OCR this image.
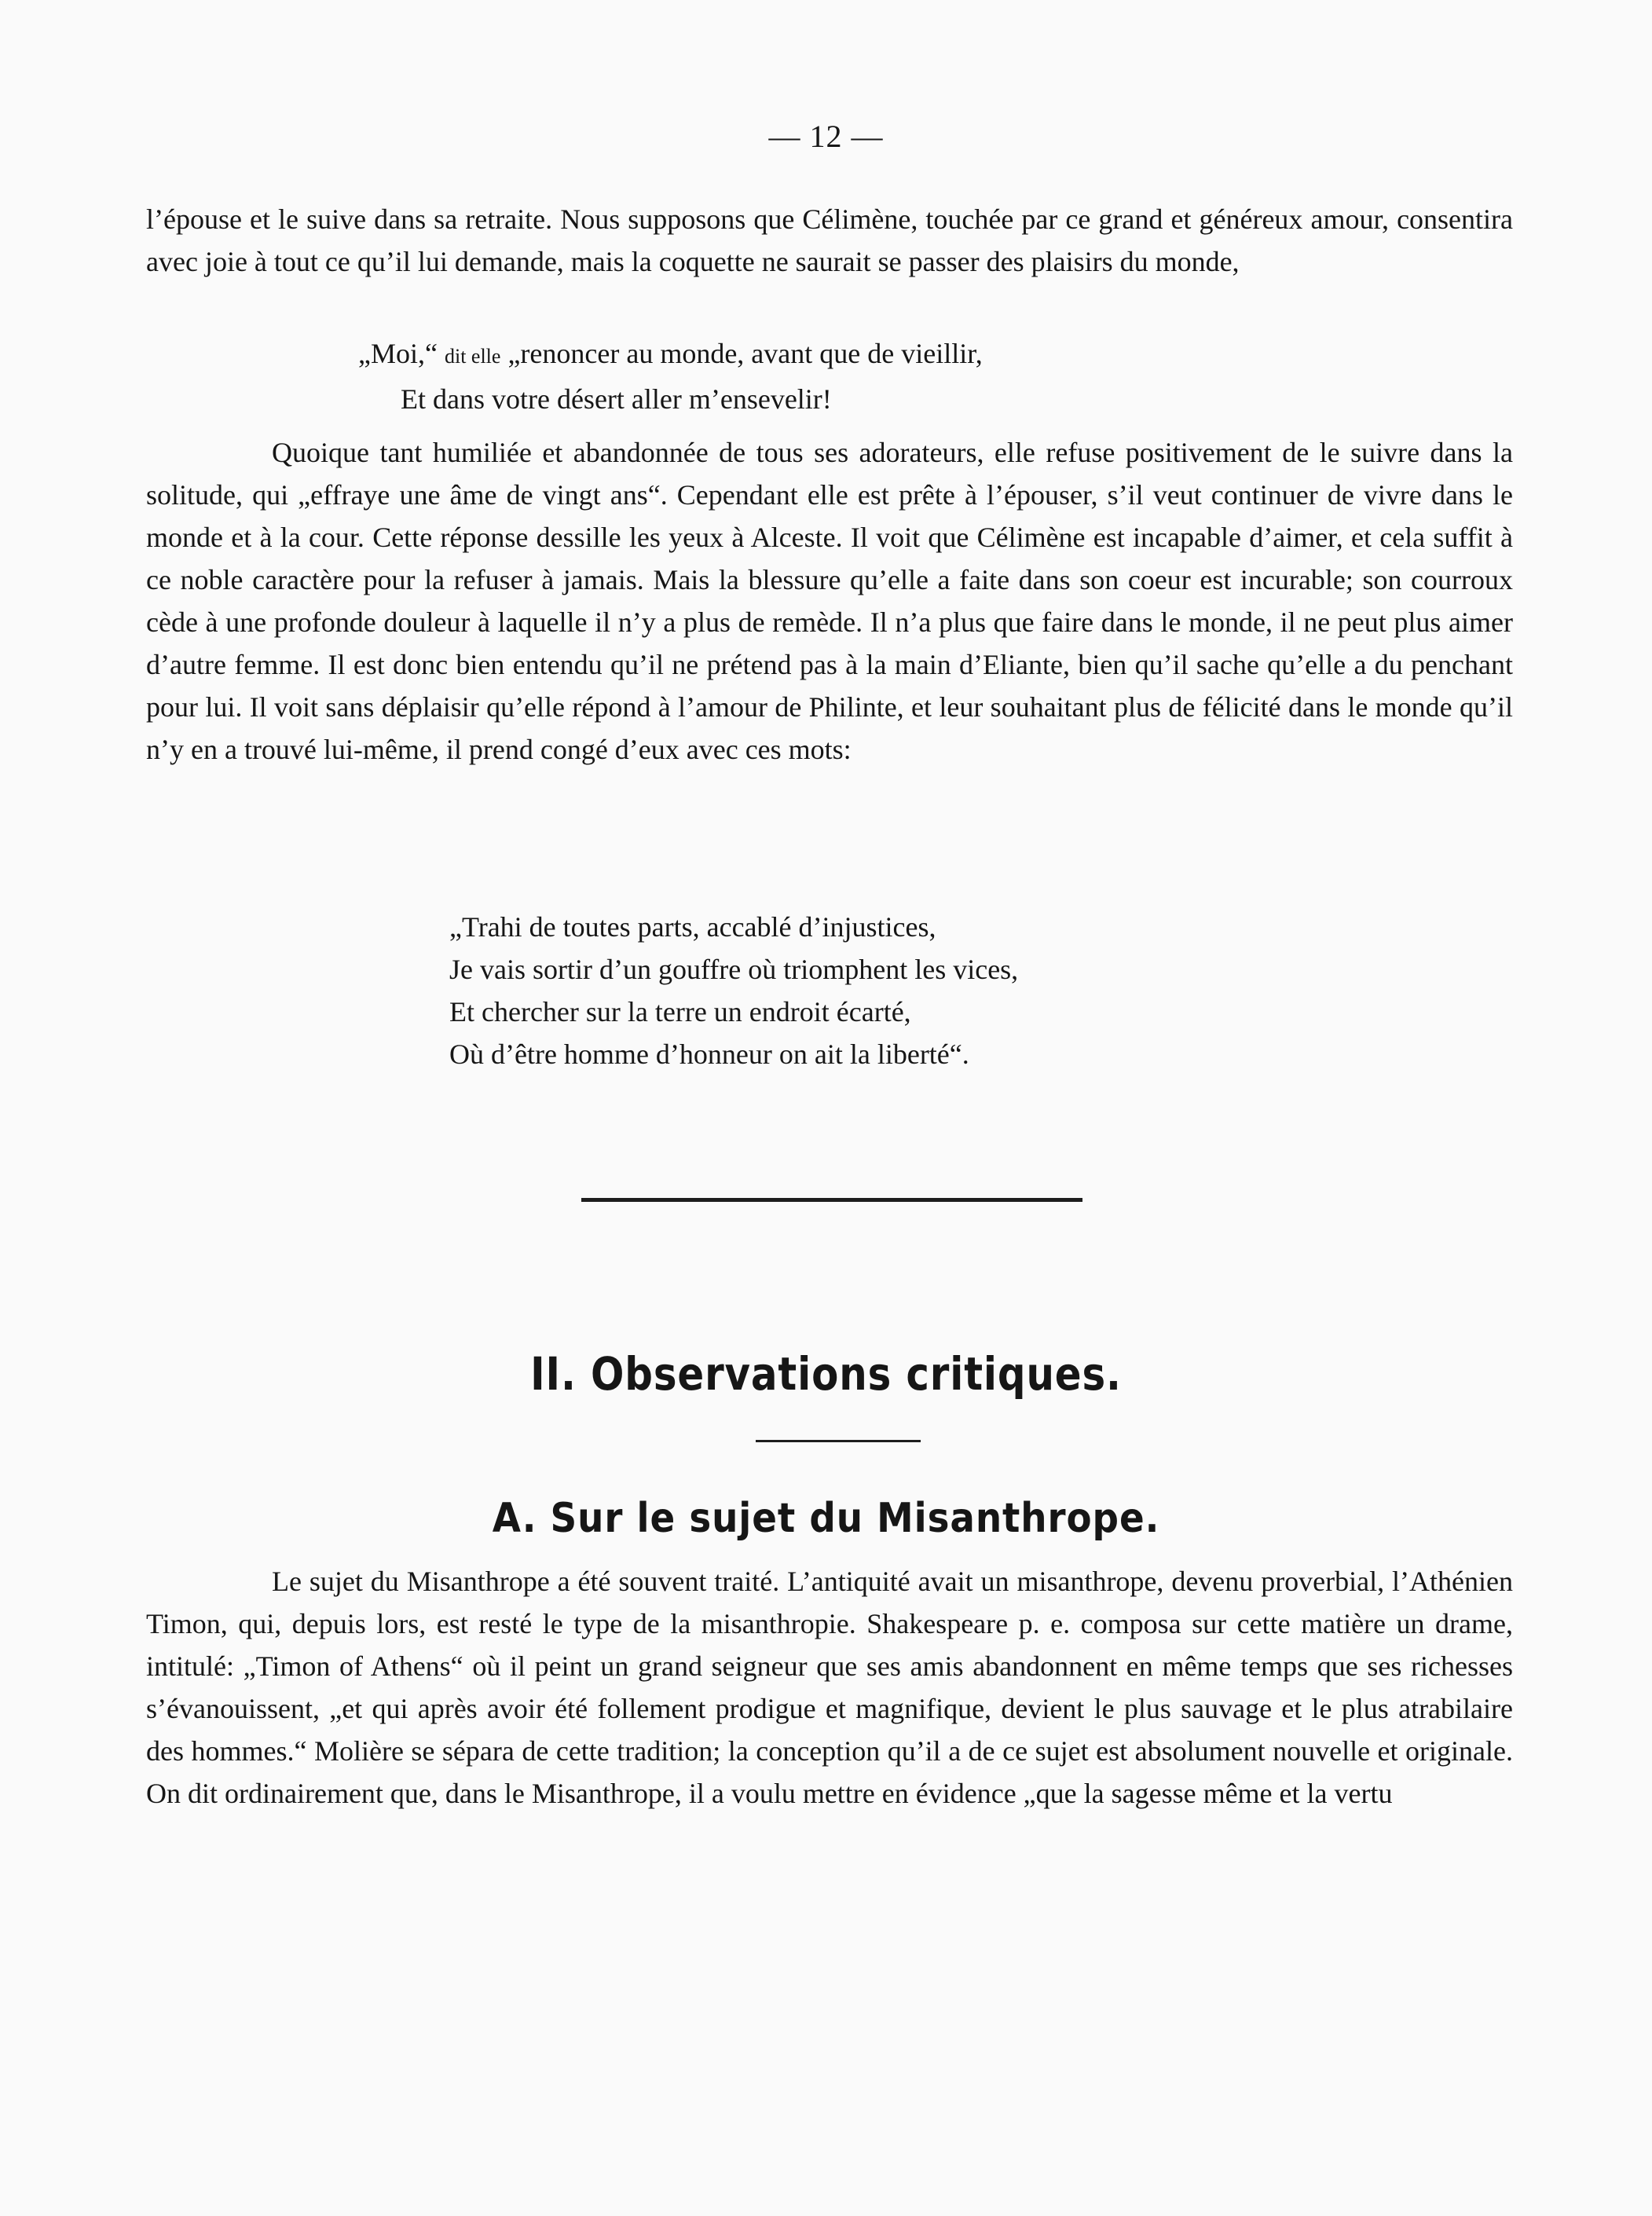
— 12 —

l’épouse et le suive dans sa retraite. Nous supposons que Célimène, touchée par ce grand et généreux amour, consentira avec joie à tout ce qu’il lui demande, mais la coquette ne saurait se passer des plaisirs du monde,

„Moi,“ dit elle „renoncer au monde, avant que de vieillir,
Et dans votre désert aller m’ensevelir!

Quoique tant humiliée et abandonnée de tous ses adorateurs, elle refuse positivement de le suivre dans la solitude, qui „effraye une âme de vingt ans“. Cependant elle est prête à l’épouser, s’il veut continuer de vivre dans le monde et à la cour. Cette réponse dessille les yeux à Alceste. Il voit que Célimène est incapable d’aimer, et cela suffit à ce noble caractère pour la refuser à jamais. Mais la blessure qu’elle a faite dans son coeur est incurable; son courroux cède à une profonde douleur à laquelle il n’y a plus de remède. Il n’a plus que faire dans le monde, il ne peut plus aimer d’autre femme. Il est donc bien entendu qu’il ne prétend pas à la main d’Eliante, bien qu’il sache qu’elle a du penchant pour lui. Il voit sans déplaisir qu’elle répond à l’amour de Philinte, et leur souhaitant plus de félicité dans le monde qu’il n’y en a trouvé lui-même, il prend congé d’eux avec ces mots:

„Trahi de toutes parts, accablé d’injustices,
Je vais sortir d’un gouffre où triomphent les vices,
Et chercher sur la terre un endroit écarté,
Où d’être homme d’honneur on ait la liberté“.
II. Observations critiques.
A. Sur le sujet du Misanthrope.

Le sujet du Misanthrope a été souvent traité. L’antiquité avait un misanthrope, devenu proverbial, l’Athénien Timon, qui, depuis lors, est resté le type de la misanthropie. Shakespeare p. e. composa sur cette matière un drame, intitulé: „Timon of Athens“ où il peint un grand seigneur que ses amis abandonnent en même temps que ses richesses s’évanouissent, „et qui après avoir été follement prodigue et magnifique, devient le plus sauvage et le plus atrabilaire des hommes.“ Molière se sépara de cette tradition; la conception qu’il a de ce sujet est absolument nouvelle et originale. On dit ordinairement que, dans le Misanthrope, il a voulu mettre en évidence „que la sagesse même et la vertu
